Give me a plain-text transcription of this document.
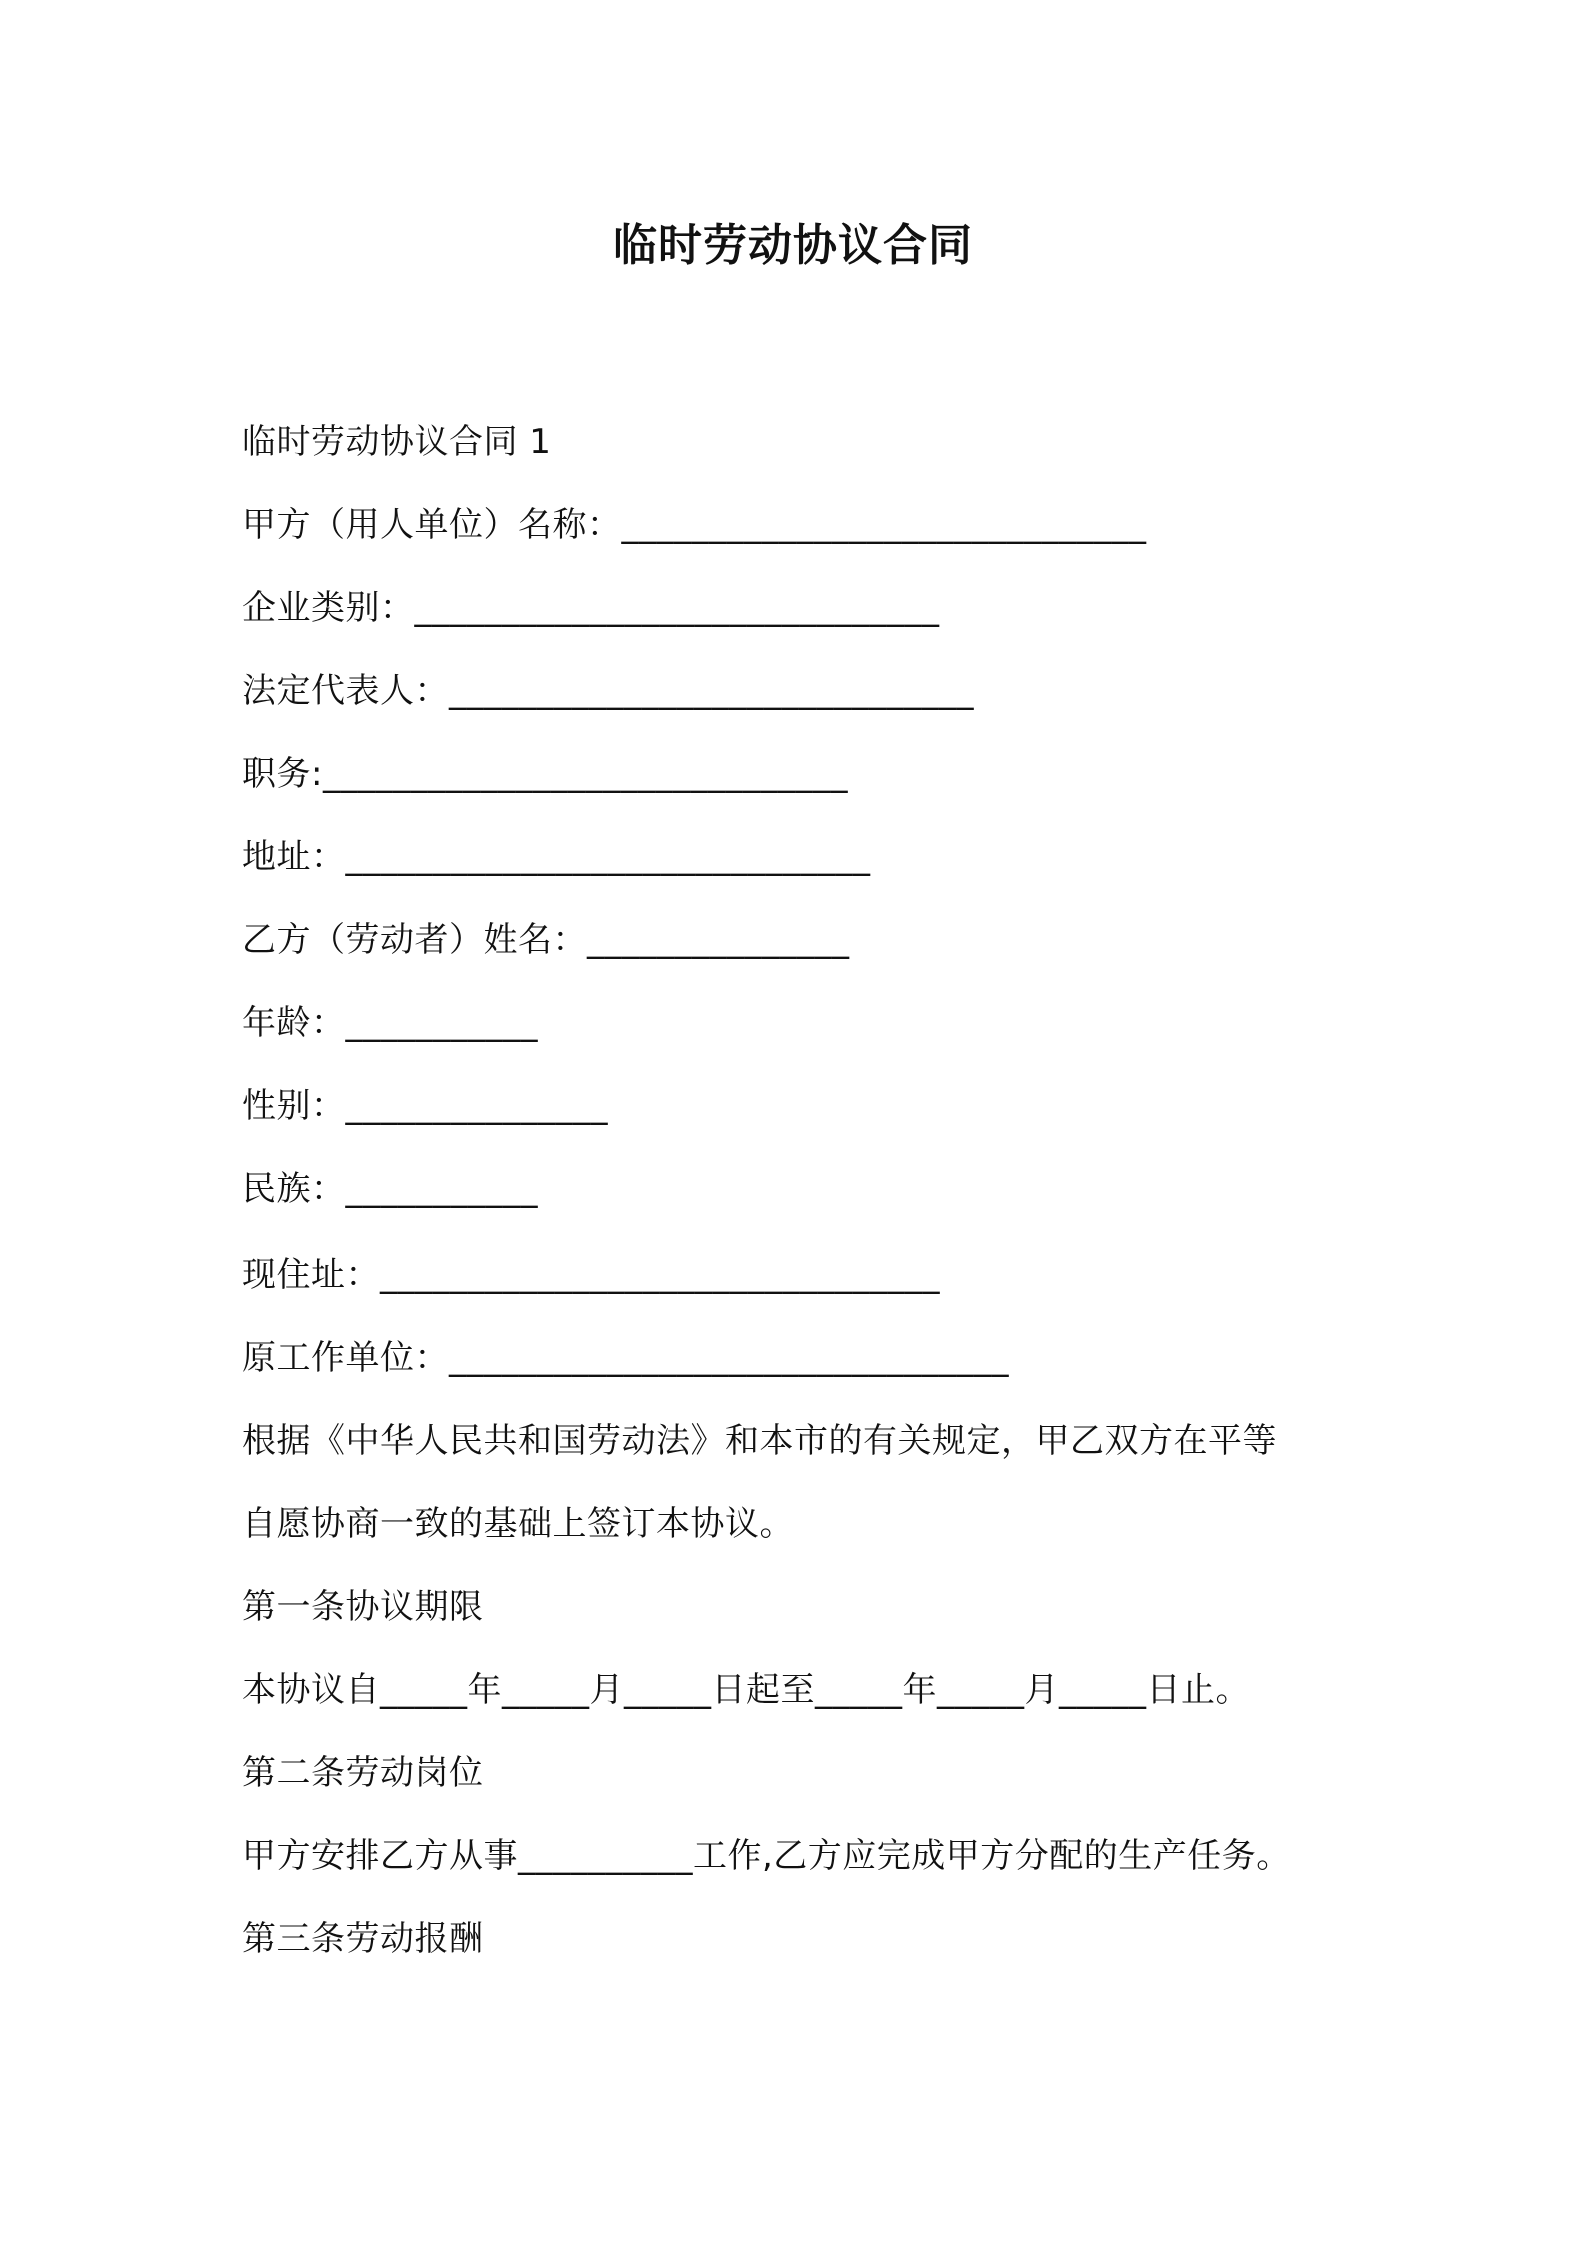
临时劳动协议合同
临时劳动协议合同 1
甲方（用人单位）名称：______________________________
企业类别：______________________________
法定代表人：______________________________
职务:______________________________
地址：______________________________
乙方（劳动者）姓名：_______________
年龄：___________
性别：_______________
民族：___________
现住址：________________________________
原工作单位：________________________________
根据《中华人民共和国劳动法》和本市的有关规定，甲乙双方在平等
自愿协商一致的基础上签订本协议。
第一条协议期限
本协议自_____年_____月_____日起至_____年_____月_____日止。
第二条劳动岗位
甲方安排乙方从事__________工作,乙方应完成甲方分配的生产任务。
第三条劳动报酬
